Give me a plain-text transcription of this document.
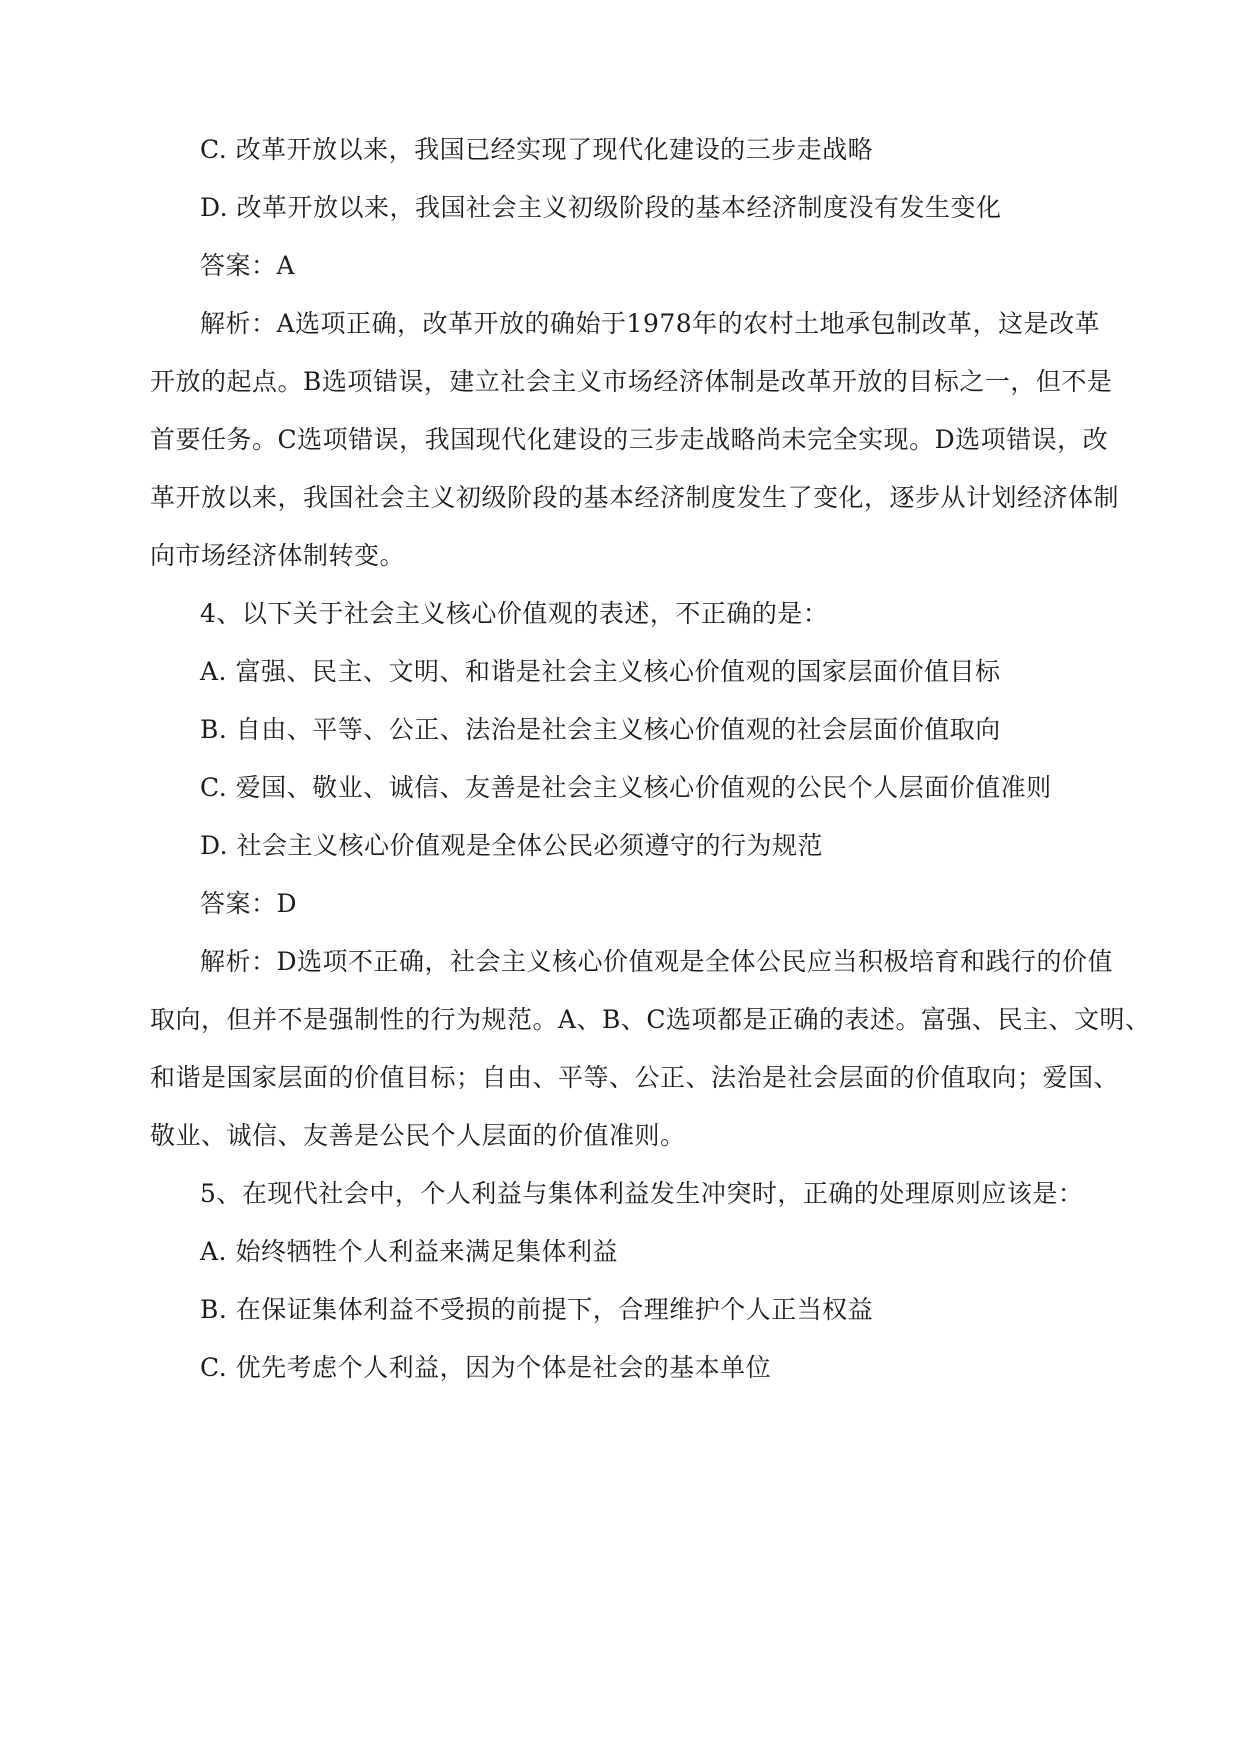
C. 改革开放以来，我国已经实现了现代化建设的三步走战略
D. 改革开放以来，我国社会主义初级阶段的基本经济制度没有发生变化
答案：A
解析：A选项正确，改革开放的确始于1978年的农村土地承包制改革，这是改革
开放的起点。B选项错误，建立社会主义市场经济体制是改革开放的目标之一，但不是
首要任务。C选项错误，我国现代化建设的三步走战略尚未完全实现。D选项错误，改
革开放以来，我国社会主义初级阶段的基本经济制度发生了变化，逐步从计划经济体制
向市场经济体制转变。
4、以下关于社会主义核心价值观的表述，不正确的是：
A. 富强、民主、文明、和谐是社会主义核心价值观的国家层面价值目标
B. 自由、平等、公正、法治是社会主义核心价值观的社会层面价值取向
C. 爱国、敬业、诚信、友善是社会主义核心价值观的公民个人层面价值准则
D. 社会主义核心价值观是全体公民必须遵守的行为规范
答案：D
解析：D选项不正确，社会主义核心价值观是全体公民应当积极培育和践行的价值
取向，但并不是强制性的行为规范。A、B、C选项都是正确的表述。富强、民主、文明、
和谐是国家层面的价值目标；自由、平等、公正、法治是社会层面的价值取向；爱国、
敬业、诚信、友善是公民个人层面的价值准则。
5、在现代社会中，个人利益与集体利益发生冲突时，正确的处理原则应该是：
A. 始终牺牲个人利益来满足集体利益
B. 在保证集体利益不受损的前提下，合理维护个人正当权益
C. 优先考虑个人利益，因为个体是社会的基本单位
